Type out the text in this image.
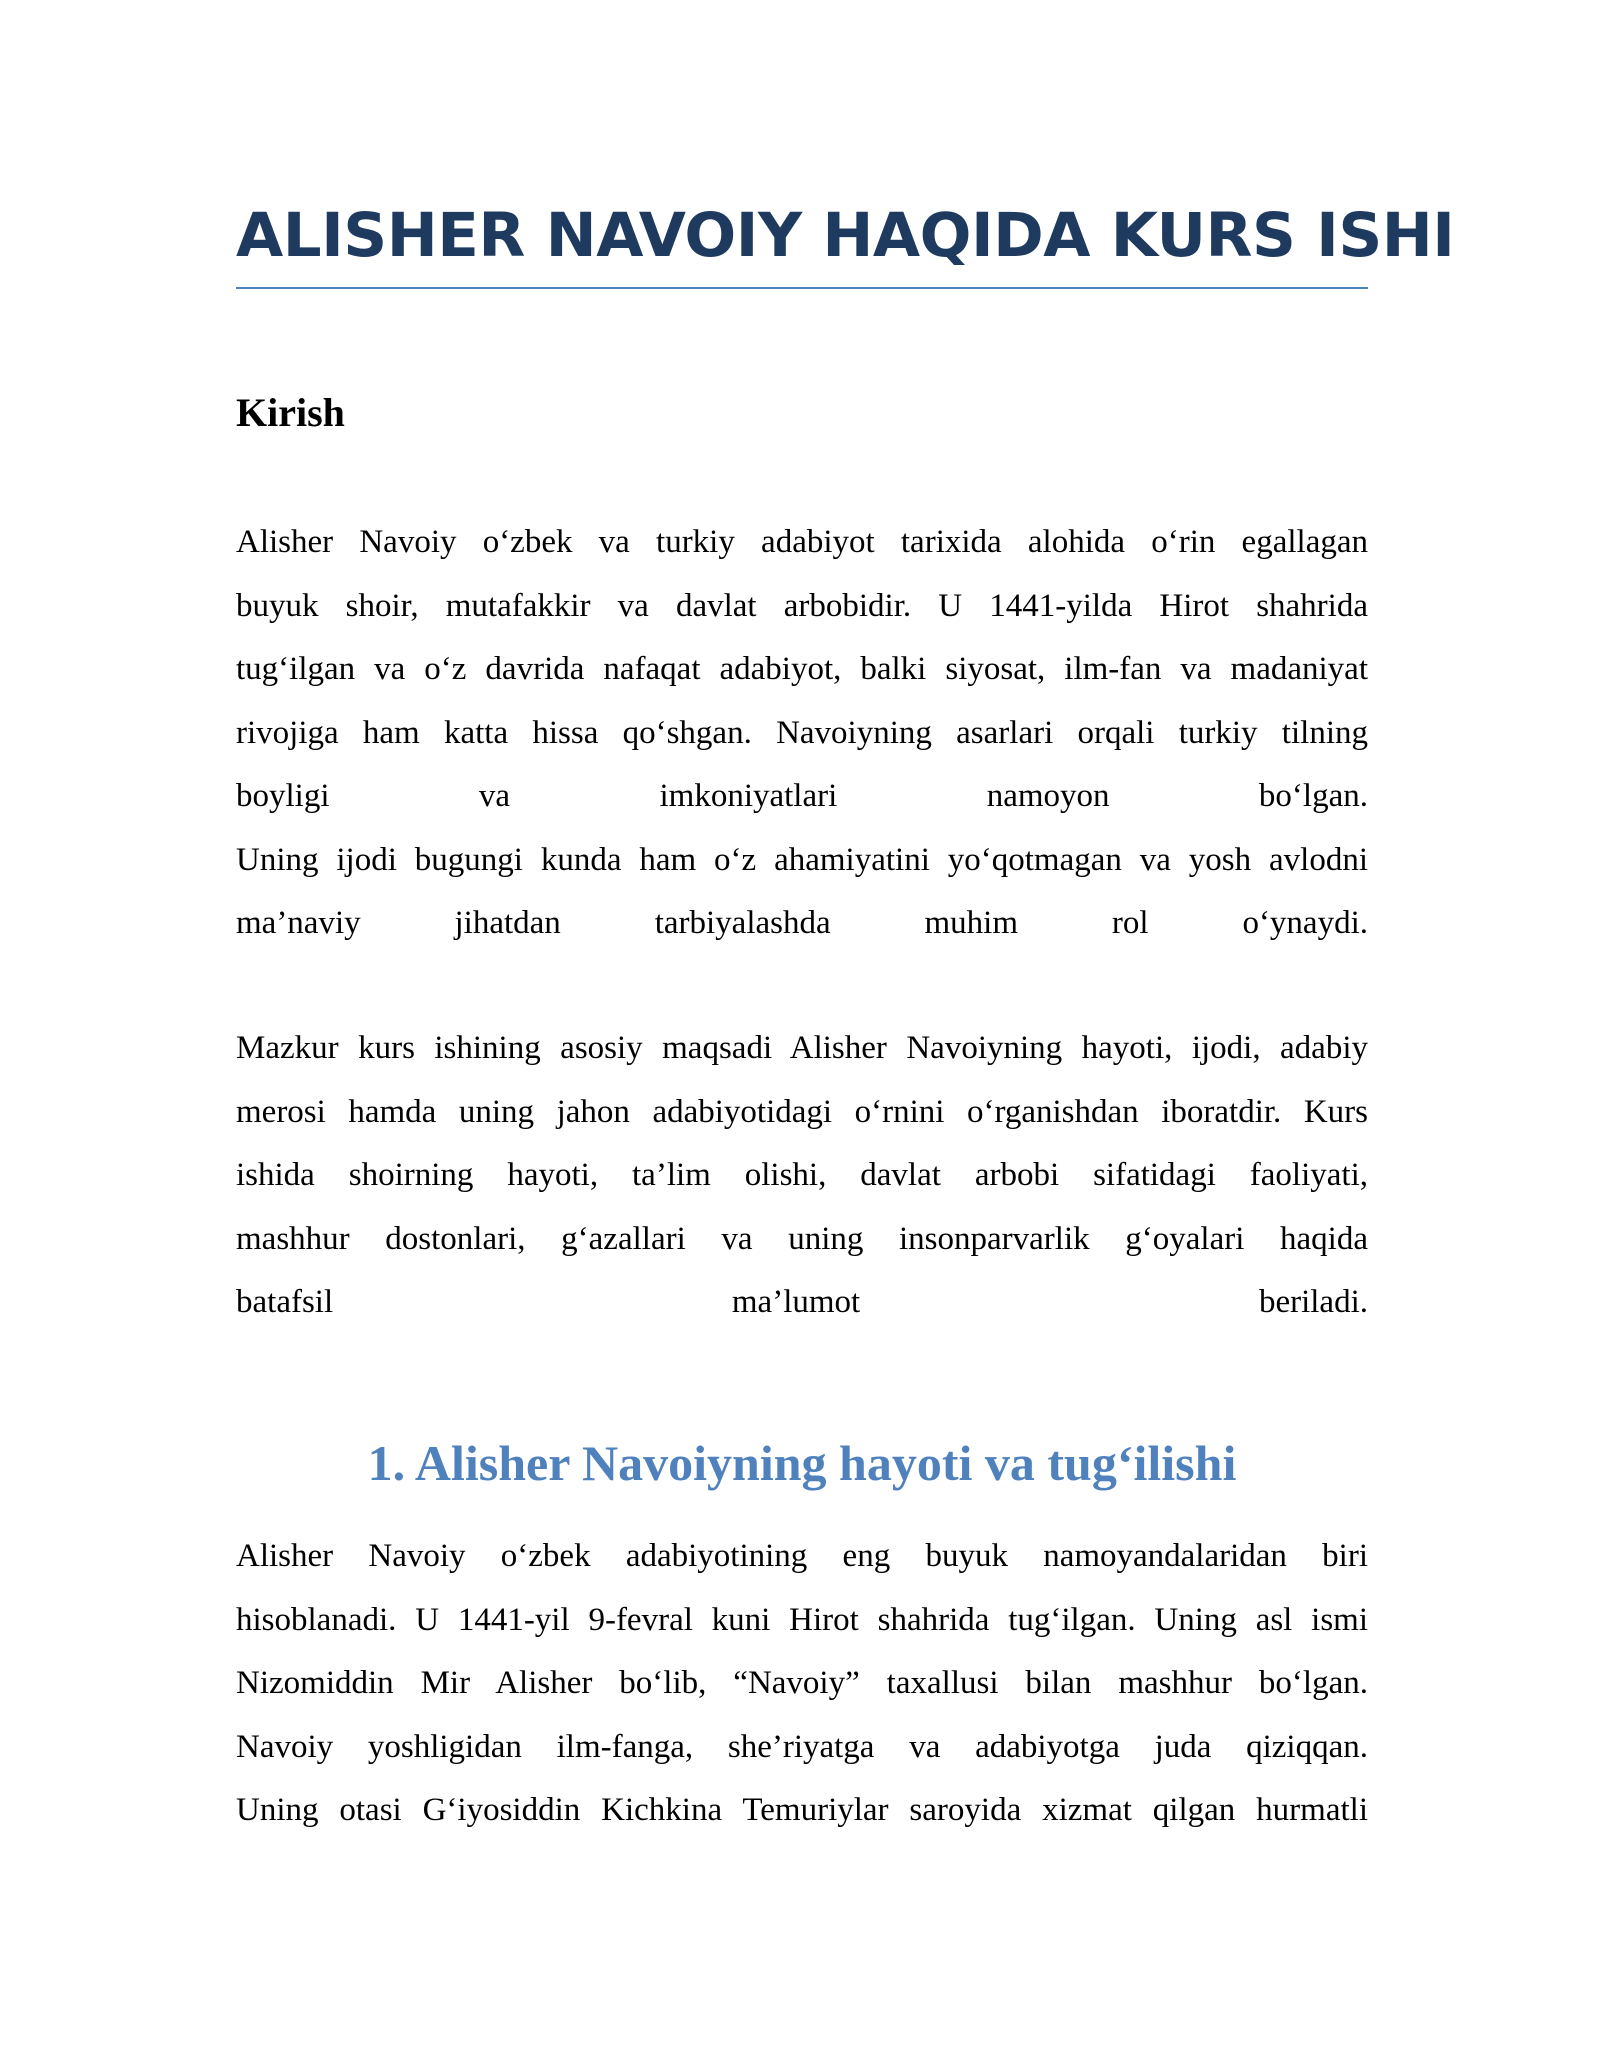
ALISHER NAVOIY HAQIDA KURS ISHI
Kirish
Alisher Navoiy o‘zbek va turkiy adabiyot tarixida alohida o‘rin egallagan
buyuk shoir, mutafakkir va davlat arbobidir. U 1441-yilda Hirot shahrida
tug‘ilgan va o‘z davrida nafaqat adabiyot, balki siyosat, ilm-fan va madaniyat
rivojiga ham katta hissa qo‘shgan. Navoiyning asarlari orqali turkiy tilning
boyligi va imkoniyatlari namoyon bo‘lgan.
Uning ijodi bugungi kunda ham o‘z ahamiyatini yo‘qotmagan va yosh avlodni
ma’naviy jihatdan tarbiyalashda muhim rol o‘ynaydi.
Mazkur kurs ishining asosiy maqsadi Alisher Navoiyning hayoti, ijodi, adabiy
merosi hamda uning jahon adabiyotidagi o‘rnini o‘rganishdan iboratdir. Kurs
ishida shoirning hayoti, ta’lim olishi, davlat arbobi sifatidagi faoliyati,
mashhur dostonlari, g‘azallari va uning insonparvarlik g‘oyalari haqida
batafsil ma’lumot beriladi.
1. Alisher Navoiyning hayoti va tug‘ilishi
Alisher Navoiy o‘zbek adabiyotining eng buyuk namoyandalaridan biri
hisoblanadi. U 1441-yil 9-fevral kuni Hirot shahrida tug‘ilgan. Uning asl ismi
Nizomiddin Mir Alisher bo‘lib, “Navoiy” taxallusi bilan mashhur bo‘lgan.
Navoiy yoshligidan ilm-fanga, she’riyatga va adabiyotga juda qiziqqan.
Uning otasi G‘iyosiddin Kichkina Temuriylar saroyida xizmat qilgan hurmatli
